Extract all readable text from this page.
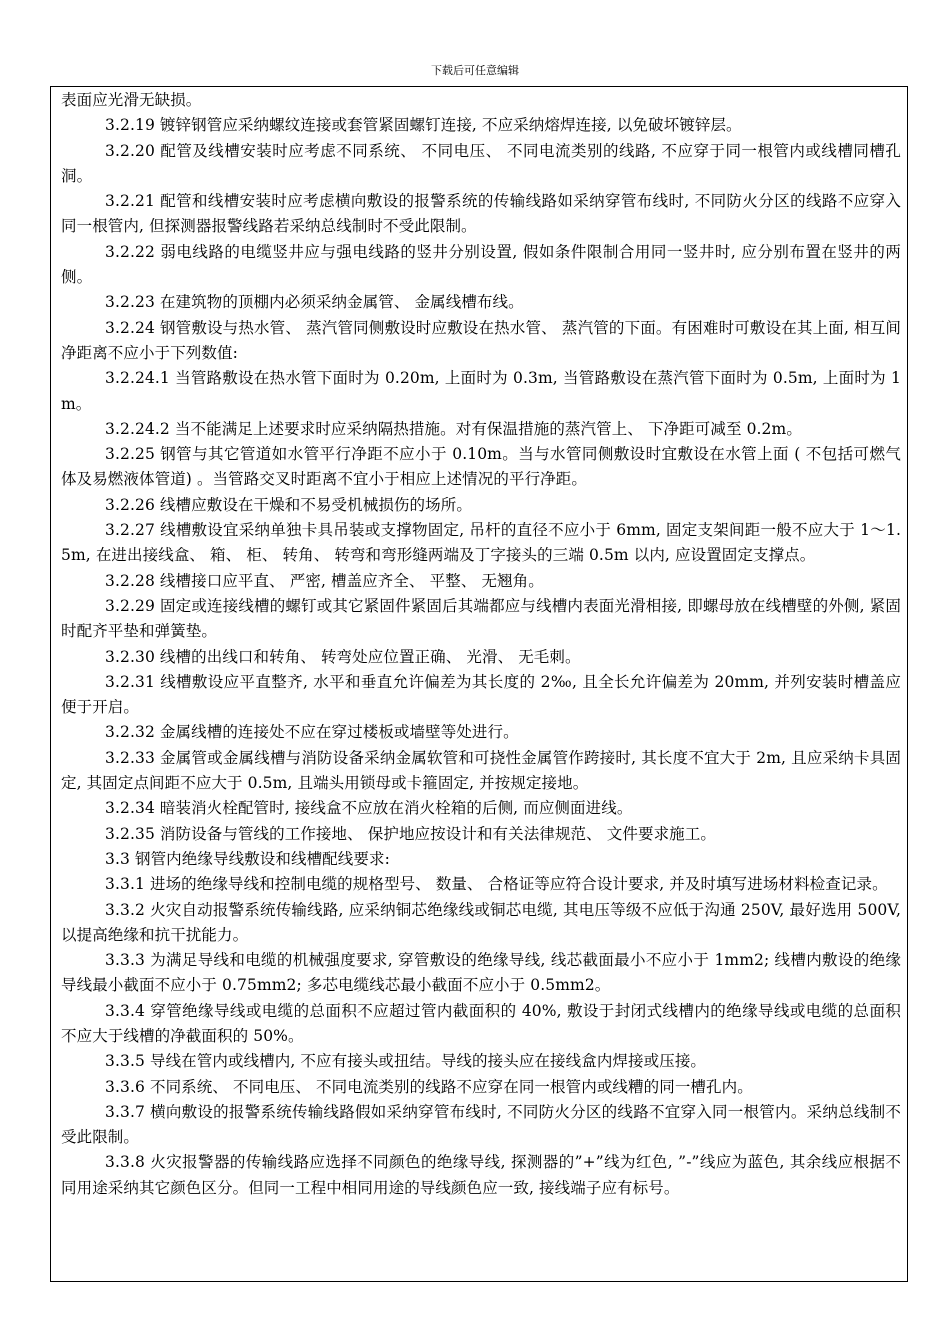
下载后可任意编辑

表面应光滑无缺损。

3.2.19 镀锌钢管应采纳螺纹连接或套管紧固螺钉连接, 不应采纳熔焊连接, 以免破坏镀锌层。

3.2.20 配管及线槽安装时应考虑不同系统、 不同电压、 不同电流类别的线路, 不应穿于同一根管内或线槽同槽孔洞。

3.2.21 配管和线槽安装时应考虑横向敷设的报警系统的传输线路如采纳穿管布线时, 不同防火分区的线路不应穿入同一根管内, 但探测器报警线路若采纳总线制时不受此限制。

3.2.22 弱电线路的电缆竖井应与强电线路的竖井分别设置, 假如条件限制合用同一竖井时, 应分别布置在竖井的两侧。

3.2.23 在建筑物的顶棚内必须采纳金属管、 金属线槽布线。

3.2.24 钢管敷设与热水管、 蒸汽管同侧敷设时应敷设在热水管、 蒸汽管的下面。有困难时可敷设在其上面, 相互间净距离不应小于下列数值:

3.2.24.1 当管路敷设在热水管下面时为 0.20m, 上面时为 0.3m, 当管路敷设在蒸汽管下面时为 0.5m, 上面时为 1m。

3.2.24.2 当不能满足上述要求时应采纳隔热措施。对有保温措施的蒸汽管上、 下净距可减至 0.2m。

3.2.25 钢管与其它管道如水管平行净距不应小于 0.10m。当与水管同侧敷设时宜敷设在水管上面 ( 不包括可燃气体及易燃液体管道) 。当管路交叉时距离不宜小于相应上述情况的平行净距。

3.2.26 线槽应敷设在干燥和不易受机械损伤的场所。

3.2.27 线槽敷设宜采纳单独卡具吊装或支撑物固定, 吊杆的直径不应小于 6mm, 固定支架间距一般不应大于 1～1.5m, 在进出接线盒、 箱、 柜、 转角、 转弯和弯形缝两端及丁字接头的三端 0.5m 以内, 应设置固定支撑点。

3.2.28 线槽接口应平直、 严密, 槽盖应齐全、 平整、 无翘角。

3.2.29 固定或连接线槽的螺钉或其它紧固件紧固后其端都应与线槽内表面光滑相接, 即螺母放在线槽壁的外侧, 紧固时配齐平垫和弹簧垫。

3.2.30 线槽的出线口和转角、 转弯处应位置正确、 光滑、 无毛刺。

3.2.31 线槽敷设应平直整齐, 水平和垂直允许偏差为其长度的 2‰, 且全长允许偏差为 20mm, 并列安装时槽盖应便于开启。

3.2.32 金属线槽的连接处不应在穿过楼板或墙壁等处进行。

3.2.33 金属管或金属线槽与消防设备采纳金属软管和可挠性金属管作跨接时, 其长度不宜大于 2m, 且应采纳卡具固定, 其固定点间距不应大于 0.5m, 且端头用锁母或卡箍固定, 并按规定接地。

3.2.34 暗装消火栓配管时, 接线盒不应放在消火栓箱的后侧, 而应侧面进线。

3.2.35 消防设备与管线的工作接地、 保护地应按设计和有关法律规范、 文件要求施工。

3.3 钢管内绝缘导线敷设和线槽配线要求:

3.3.1 进场的绝缘导线和控制电缆的规格型号、 数量、 合格证等应符合设计要求, 并及时填写进场材料检查记录。

3.3.2 火灾自动报警系统传输线路, 应采纳铜芯绝缘线或铜芯电缆, 其电压等级不应低于沟通 250V, 最好选用 500V, 以提高绝缘和抗干扰能力。

3.3.3 为满足导线和电缆的机械强度要求, 穿管敷设的绝缘导线, 线芯截面最小不应小于 1mm2; 线槽内敷设的绝缘导线最小截面不应小于 0.75mm2; 多芯电缆线芯最小截面不应小于 0.5mm2。

3.3.4 穿管绝缘导线或电缆的总面积不应超过管内截面积的 40%, 敷设于封闭式线槽内的绝缘导线或电缆的总面积不应大于线槽的净截面积的 50%。

3.3.5 导线在管内或线槽内, 不应有接头或扭结。导线的接头应在接线盒内焊接或压接。

3.3.6 不同系统、 不同电压、 不同电流类别的线路不应穿在同一根管内或线糟的同一槽孔内。

3.3.7 横向敷设的报警系统传输线路假如采纳穿管布线时, 不同防火分区的线路不宜穿入同一根管内。采纳总线制不受此限制。

3.3.8 火灾报警器的传输线路应选择不同颜色的绝缘导线, 探测器的”+”线为红色, ”-”线应为蓝色, 其余线应根据不同用途采纳其它颜色区分。但同一工程中相同用途的导线颜色应一致, 接线端子应有标号。
